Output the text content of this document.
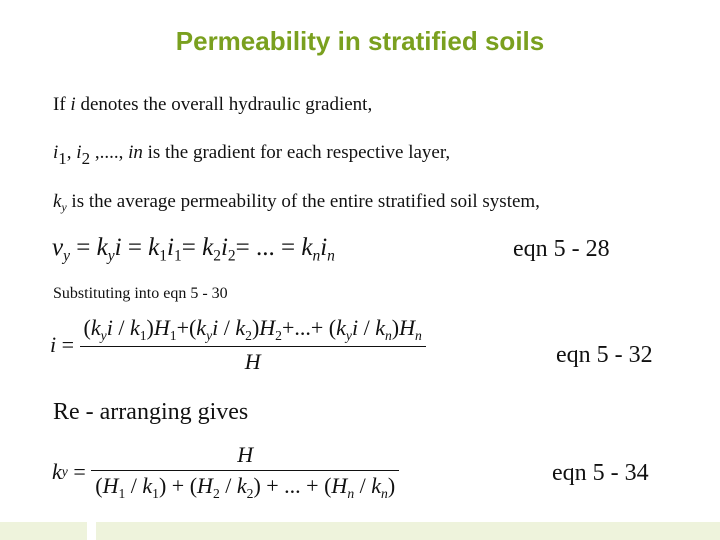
Permeability in stratified soils
If i denotes the overall hydraulic gradient,
i1, i2 ,...., in is the gradient for each respective layer,
$k_y$ is the average permeability of the entire stratified soil system,
$v_y = k_yi = k_1i_1= k_2i_2=$ ... = $k_ni_n$	eqn 5 - 28
Substituting into eqn 5 - 30
$i = \frac{(k_yi / k_1)H_1+(k_yi / k_2)H_2+...+ (k_yi / k_n)H_n}{H}$	eqn 5 - 32
Re - arranging gives
ky = $\frac{H}{(H_1 / k_1) + (H_2 / k_2) + ... + (H_n / k_n)}$	eqn 5 - 34
